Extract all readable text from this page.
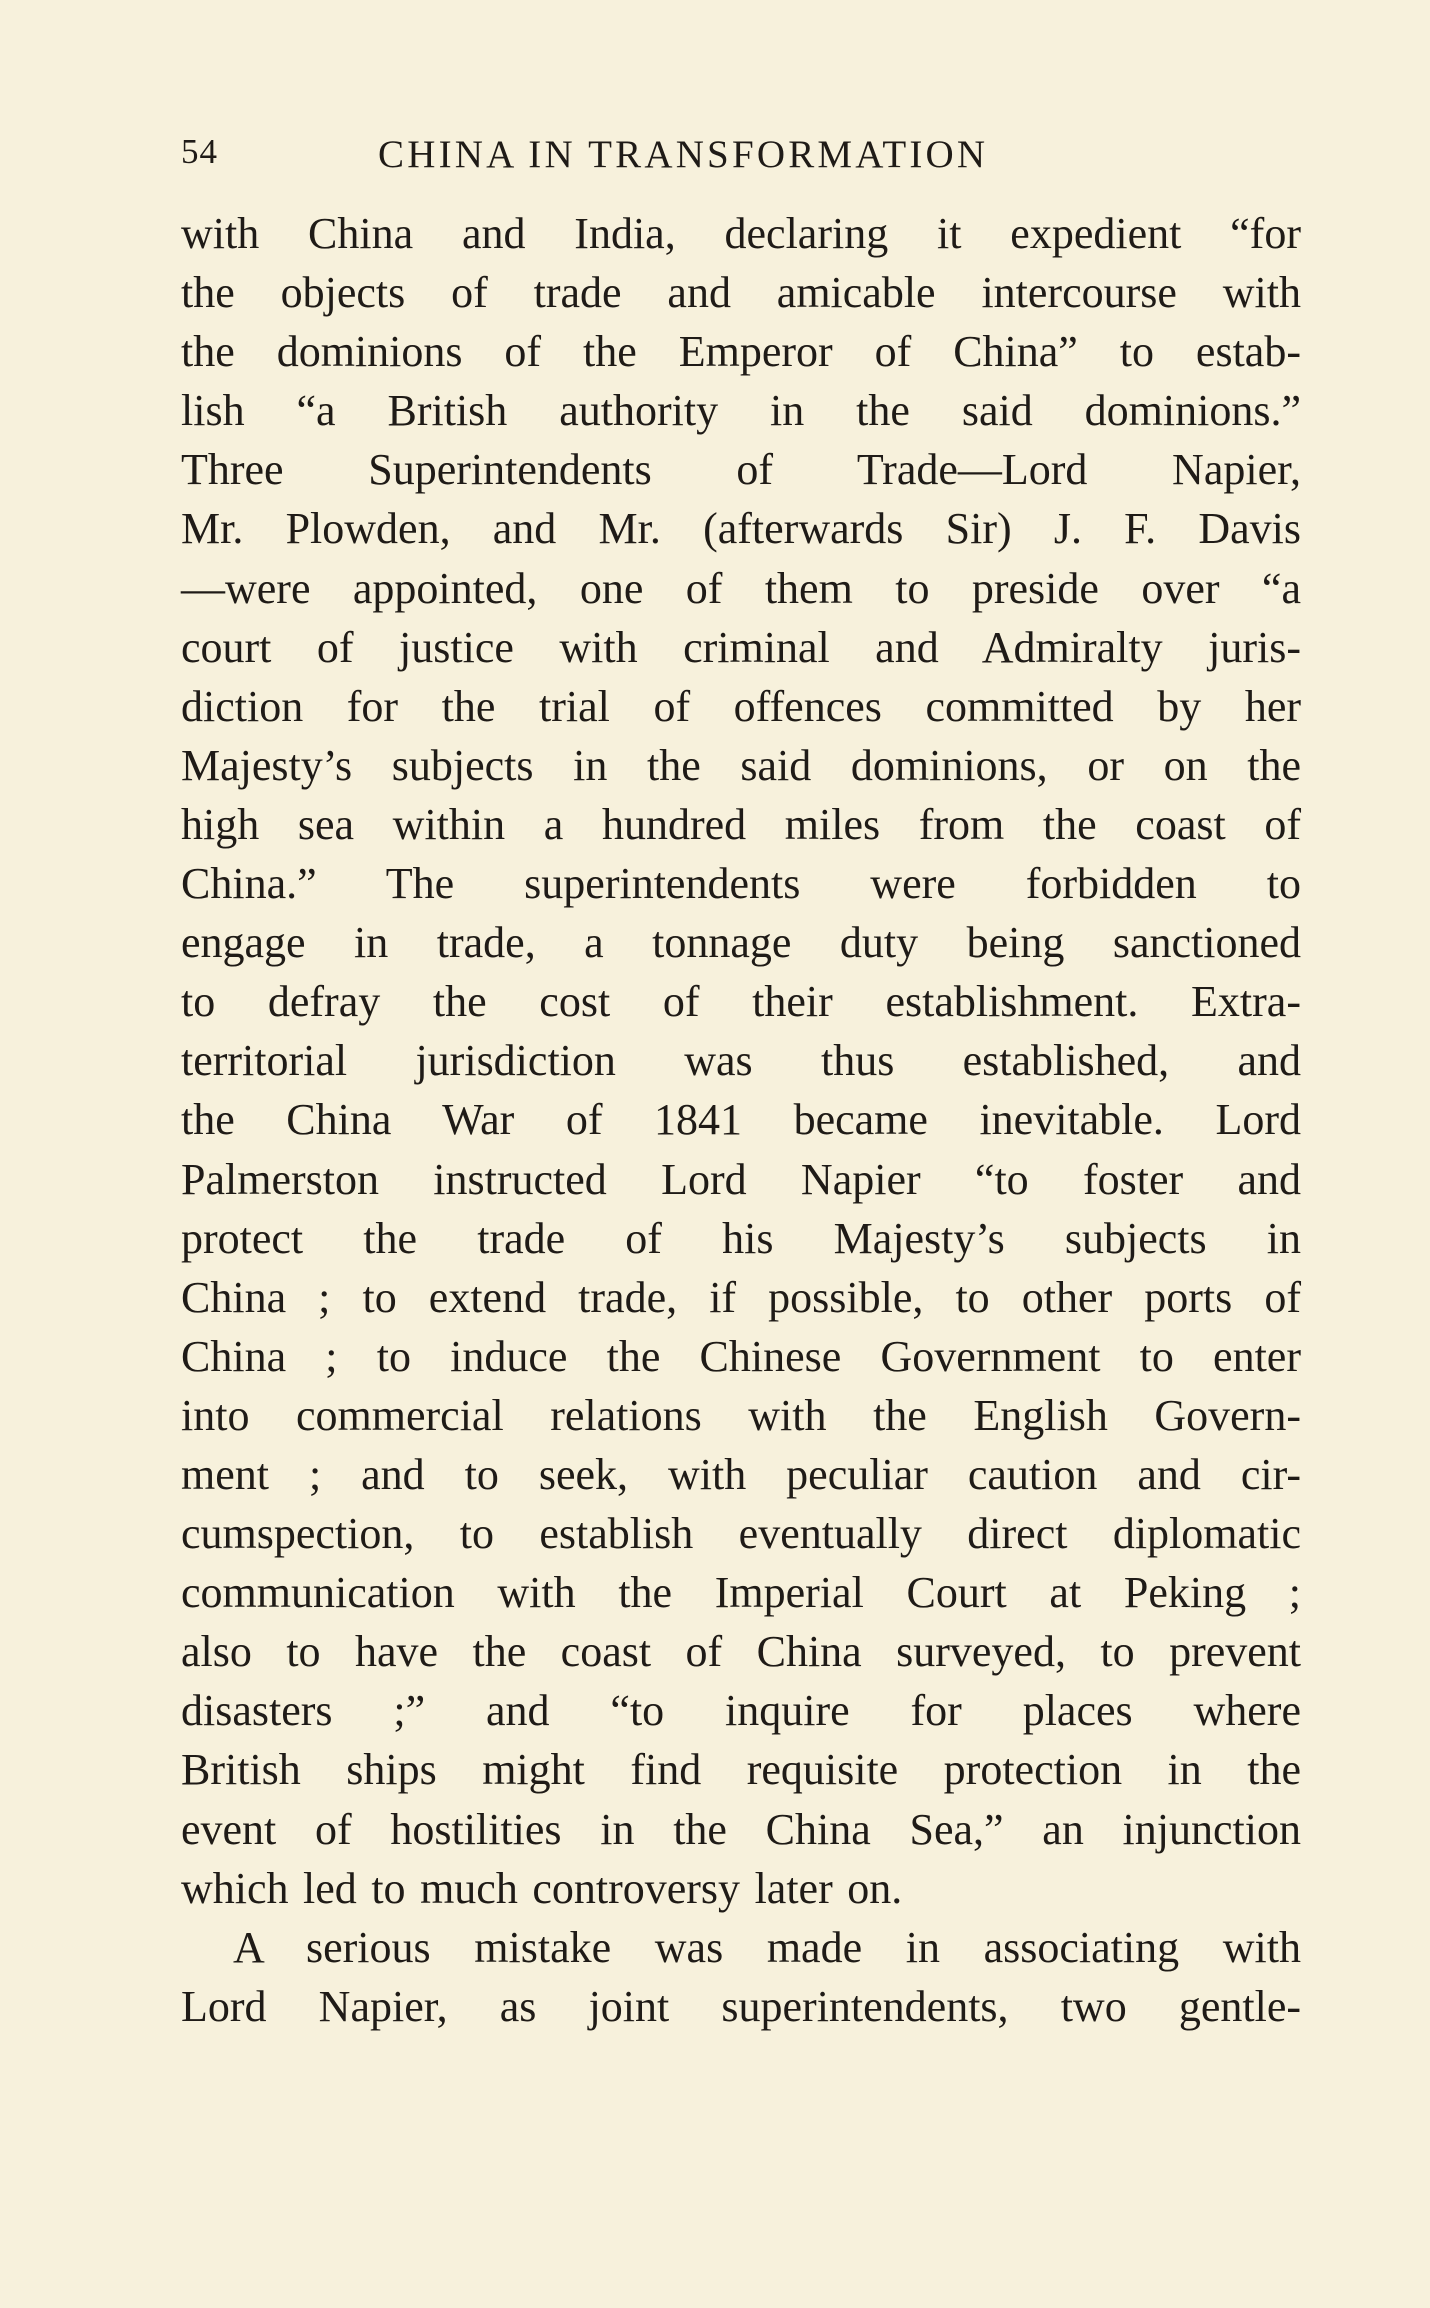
54	CHINA IN TRANSFORMATION
with China and India, declaring it expedient “for
the objects of trade and amicable intercourse with
the dominions of the Emperor of China” to estab-
lish “a British authority in the said dominions.”
Three Superintendents of Trade—Lord Napier,
Mr. Plowden, and Mr. (afterwards Sir) J. F. Davis
—were appointed, one of them to preside over “a
court of justice with criminal and Admiralty juris-
diction for the trial of offences committed by her
Majesty’s subjects in the said dominions, or on the
high sea within a hundred miles from the coast of
China.” The superintendents were forbidden to
engage in trade, a tonnage duty being sanctioned
to defray the cost of their establishment. Extra-
territorial jurisdiction was thus established, and
the China War of 1841 became inevitable. Lord
Palmerston instructed Lord Napier “to foster and
protect the trade of his Majesty’s subjects in
China ; to extend trade, if possible, to other ports of
China ; to induce the Chinese Government to enter
into commercial relations with the English Govern-
ment ; and to seek, with peculiar caution and cir-
cumspection, to establish eventually direct diplomatic
communication with the Imperial Court at Peking ;
also to have the coast of China surveyed, to prevent
disasters ;” and “to inquire for places where
British ships might find requisite protection in the
event of hostilities in the China Sea,” an injunction
which led to much controversy later on.
A serious mistake was made in associating with
Lord Napier, as joint superintendents, two gentle-
